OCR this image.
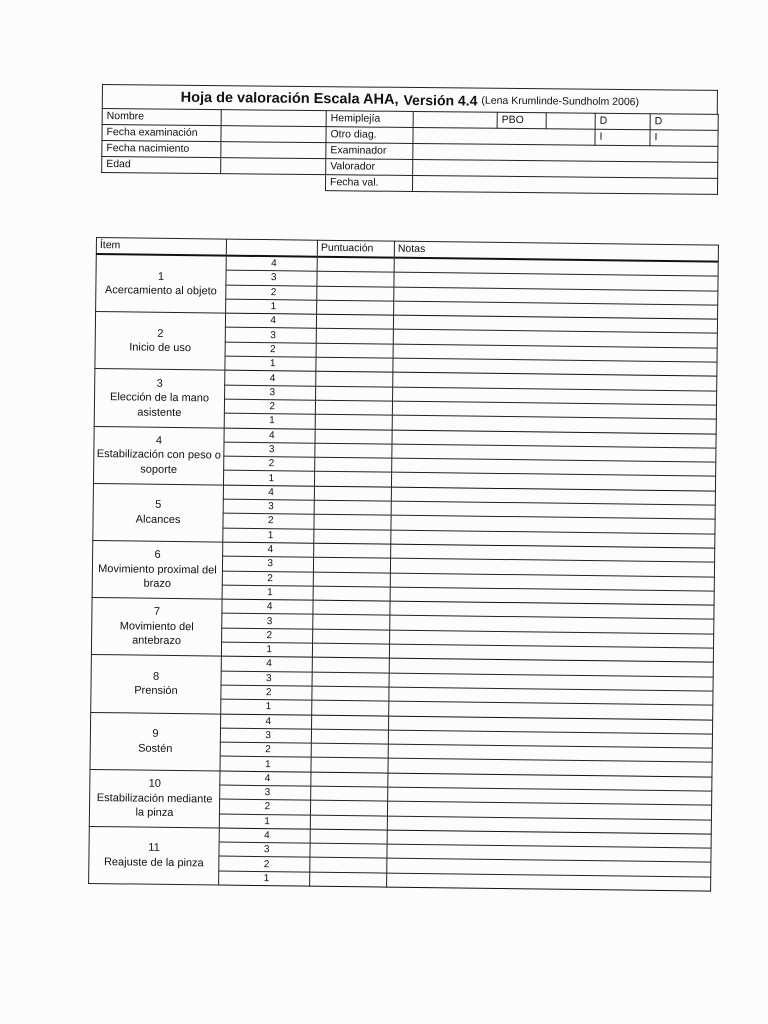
Hoja de valoración Escala AHA, Versión 4.4 (Lena Krumlinde-Sundholm 2006)
Nombre		Hemiplejía		PBO		D	D
Fecha examinación		Otro diag.				I	I
Fecha nacimiento		Examinador					
Edad		Valorador					
		Fecha val.					
Ítem		Puntuación	Notas

1
Acercamiento al objeto	4		
	3		
	2		
	1		

2
Inicio de uso	4		
	3		
	2		
	1		

3
Elección de la mano asistente	4		
	3		
	2		
	1		

4
Estabilización con peso o soporte	4		
	3		
	2		
	1		

5
Alcances	4		
	3		
	2		
	1		

6
Movimiento proximal del brazo	4		
	3		
	2		
	1		

7
Movimiento del antebrazo	4		
	3		
	2		
	1		

8
Prensión	4		
	3		
	2		
	1		

9
Sostén	4		
	3		
	2		
	1		

10
Estabilización mediante la pinza	4		
	3		
	2		
	1		

11
Reajuste de la pinza	4		
	3		
	2		
	1		
